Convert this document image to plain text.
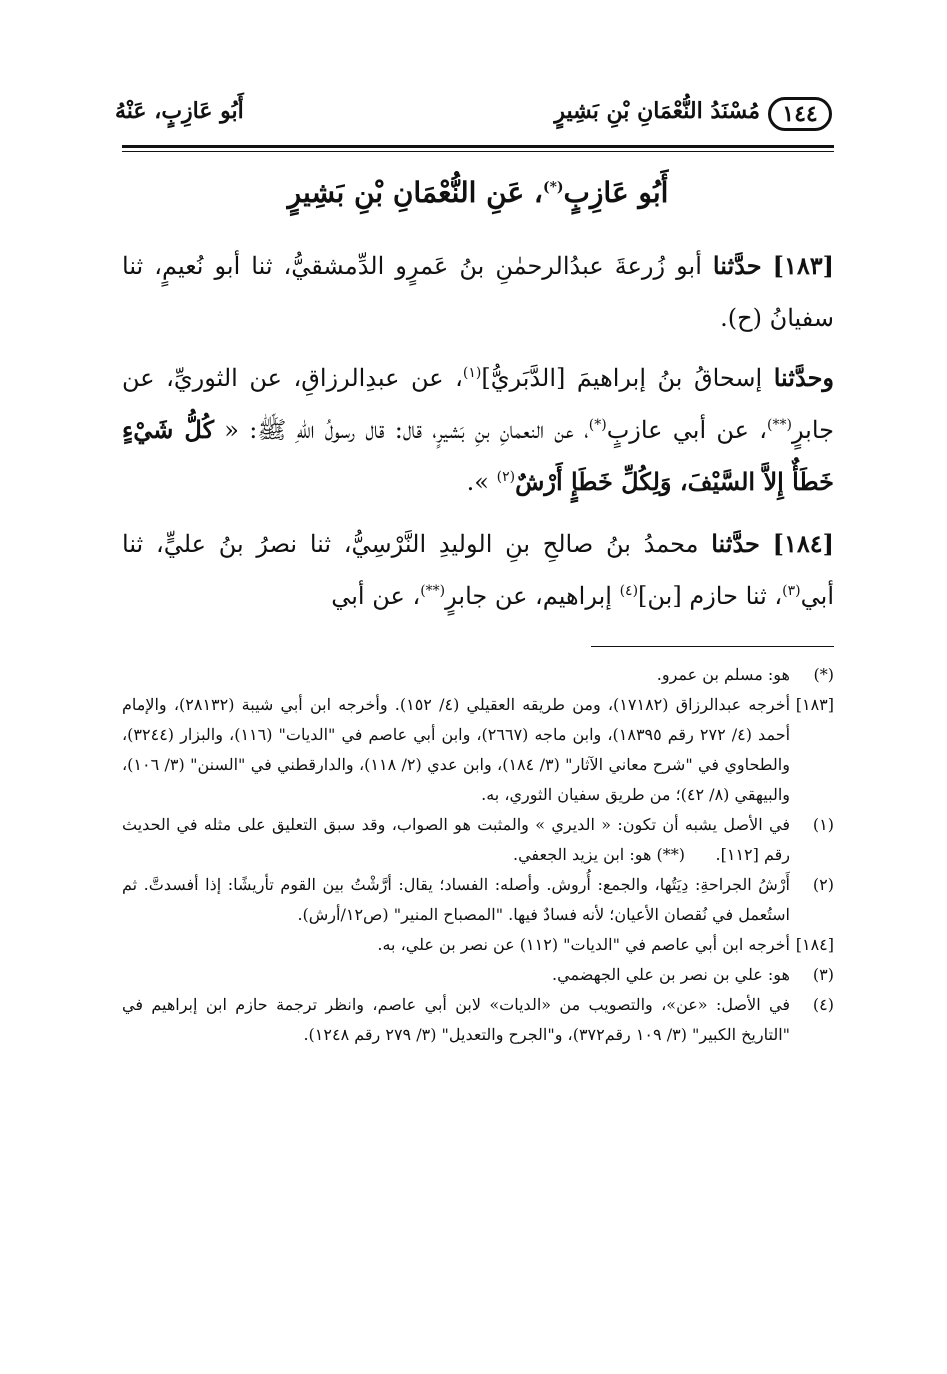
١٤٤
مُسْنَدُ النُّعْمَانِ بْنِ بَشِيرٍ
أَبُو عَازِبٍ، عَنْهُ
أَبُو عَازِبٍ(*)، عَنِ النُّعْمَانِ بْنِ بَشِيرٍ

[١٨٣] حدَّثنا أبو زُرعةَ عبدُالرحمٰنِ بنُ عَمرٍو الدِّمشقيُّ، ثنا أبو نُعيمٍ، ثنا سفيانُ (ح).

وحدَّثنا إسحاقُ بنُ إبراهيمَ [الدَّبَريُّ]$^{(١)}$، عن عبدِالرزاقِ، عن الثوريِّ، عن جابرٍ(**)، عن أبي عازبٍ(*)، عن النعمانِ بنِ بَشيرٍ، قال: قال رسولُ اللهِ ﷺ: « كُلُّ شَيْءٍ خَطَأٌ إِلاَّ السَّيْفَ، وَلِكُلِّ خَطَإٍ أَرْشٌ$^{(٢)}$ ».

[١٨٤] حدَّثنا محمدُ بنُ صالحِ بنِ الوليدِ النَّرْسِيُّ، ثنا نصرُ بنُ عليٍّ، ثنا أبي$^{(٣)}$، ثنا حازم [بن]$^{(٤)}$ إبراهيم، عن جابرٍ(**)، عن أبي

(*)
هو: مسلم بن عمرو.
[١٨٣]
أخرجه عبدالرزاق (١٧١٨٢)، ومن طريقه العقيلي (٤/ ١٥٢). وأخرجه ابن أبي شيبة (٢٨١٣٢)، والإمام أحمد (٤/ ٢٧٢ رقم ١٨٣٩٥)، وابن ماجه (٢٦٦٧)، وابن أبي عاصم في "الديات" (١١٦)، والبزار (٣٢٤٤)، والطحاوي في "شرح معاني الآثار" (٣/ ١٨٤)، وابن عدي (٢/ ١١٨)، والدارقطني في "السنن" (٣/ ١٠٦)، والبيهقي (٨/ ٤٢)؛ من طريق سفيان الثوري، به.
(١)
في الأصل يشبه أن تكون: « الديري » والمثبت هو الصواب، وقد سبق التعليق على مثله في الحديث رقم [١١٢].      (**) هو: ابن يزيد الجعفي.
(٢)
أَرْشُ الجراحةِ: دِيَتُها، والجمع: أُروش. وأصله: الفساد؛ يقال: أرَّشْتُ بين القوم تأريشًا: إذا أفسدتَّ. ثم استُعمل في نُقصان الأعيان؛ لأنه فسادٌ فيها. "المصباح المنير" (ص١٢/أرش).
[١٨٤]
أخرجه ابن أبي عاصم في "الديات" (١١٢) عن نصر بن علي، به.
(٣)
هو: علي بن نصر بن علي الجهضمي.
(٤)
في الأصل: «عن»، والتصويب من «الديات» لابن أبي عاصم، وانظر ترجمة حازم ابن إبراهيم في "التاريخ الكبير" (٣/ ١٠٩ رقم٣٧٢)، و"الجرح والتعديل" (٣/ ٢٧٩ رقم ١٢٤٨).
